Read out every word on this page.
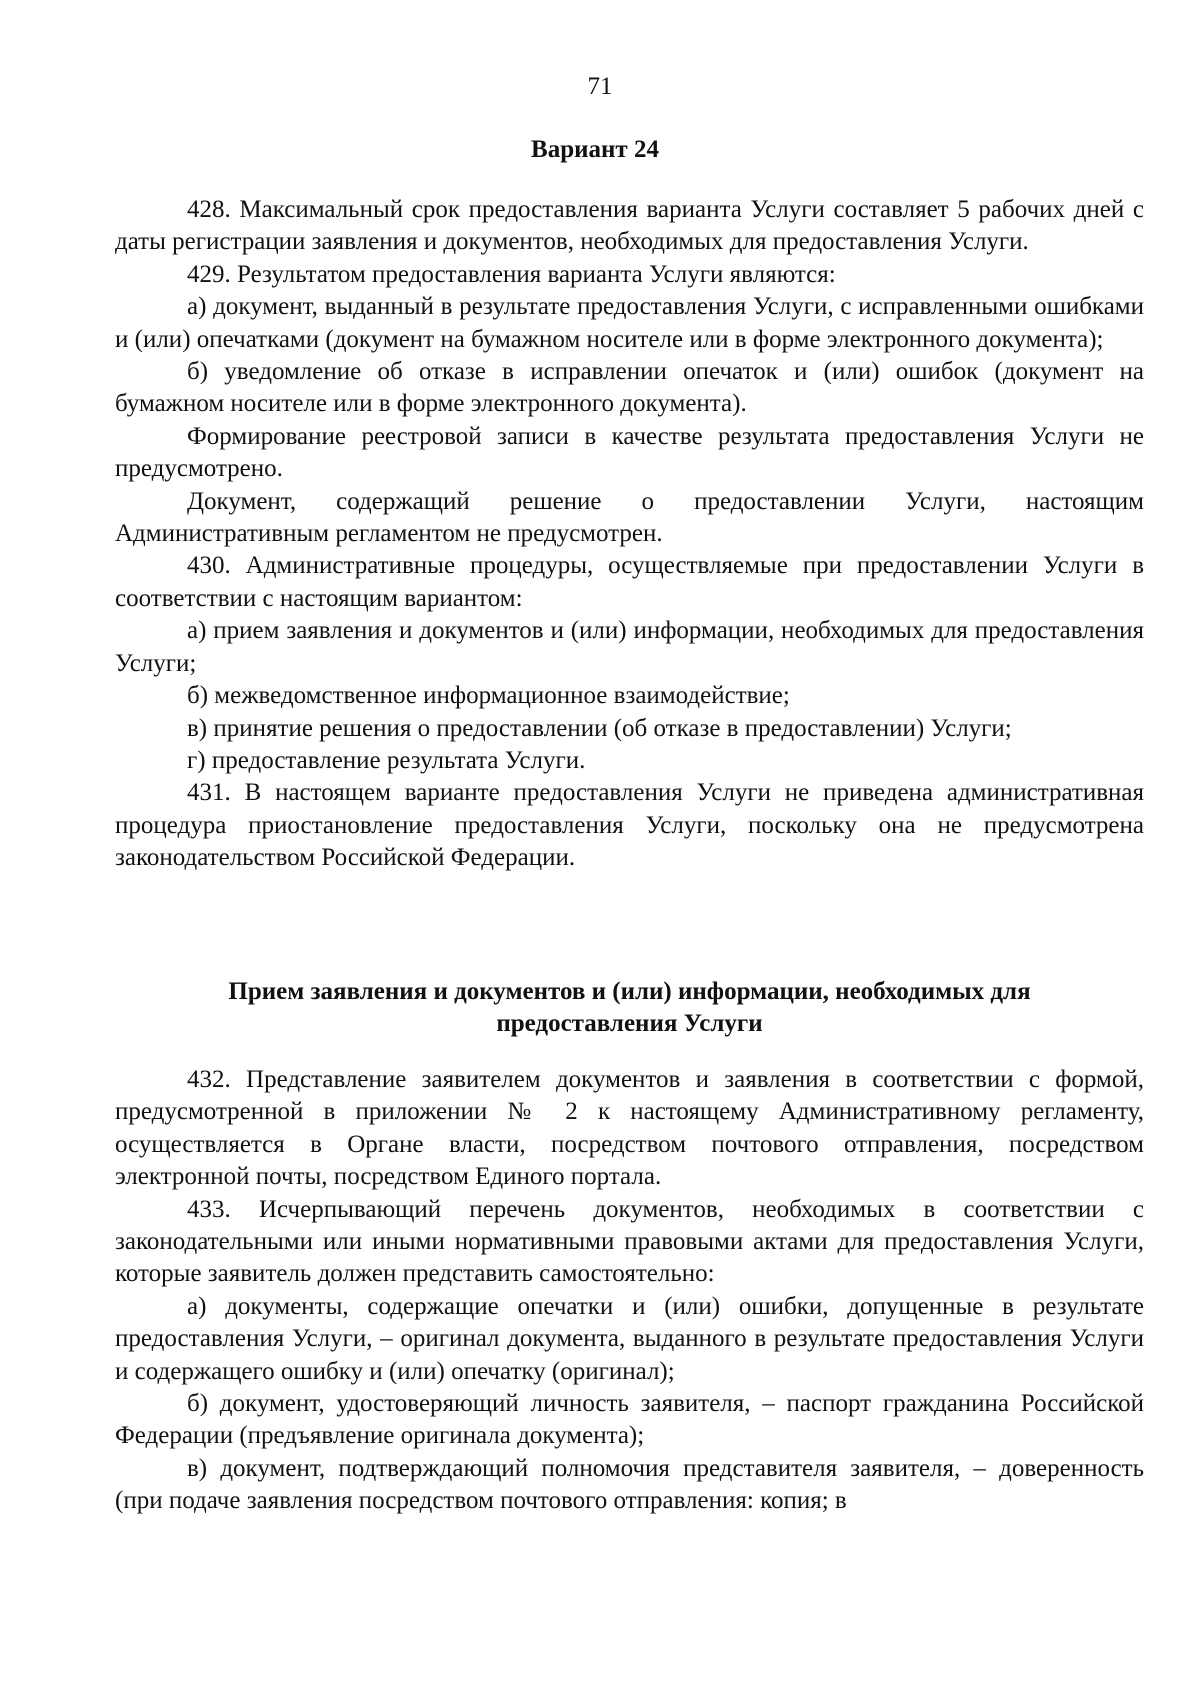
71
Вариант 24

428. Максимальный срок предоставления варианта Услуги составляет 5 рабочих дней с даты регистрации заявления и документов, необходимых для предоставления Услуги.

429. Результатом предоставления варианта Услуги являются:

а) документ, выданный в результате предоставления Услуги, с исправленными ошибками и (или) опечатками (документ на бумажном носителе или в форме электронного документа);

б) уведомление об отказе в исправлении опечаток и (или) ошибок (документ на бумажном носителе или в форме электронного документа).

Формирование реестровой записи в качестве результата предоставления Услуги не предусмотрено.

Документ, содержащий решение о предоставлении Услуги, настоящим Административным регламентом не предусмотрен.

430. Административные процедуры, осуществляемые при предоставлении Услуги в соответствии с настоящим вариантом:

а) прием заявления и документов и (или) информации, необходимых для предоставления Услуги;

б) межведомственное информационное взаимодействие;

в) принятие решения о предоставлении (об отказе в предоставлении) Услуги;

г) предоставление результата Услуги.

431. В настоящем варианте предоставления Услуги не приведена административная процедура приостановление предоставления Услуги, поскольку она не предусмотрена законодательством Российской Федерации.

Прием заявления и документов и (или) информации, необходимых для
предоставления Услуги

432. Представление заявителем документов и заявления в соответствии с формой, предусмотренной в приложении № 2 к настоящему Административному регламенту, осуществляется в Органе власти, посредством почтового отправления, посредством электронной почты, посредством Единого портала.

433. Исчерпывающий перечень документов, необходимых в соответствии с законодательными или иными нормативными правовыми актами для предоставления Услуги, которые заявитель должен представить самостоятельно:

а) документы, содержащие опечатки и (или) ошибки, допущенные в результате предоставления Услуги, – оригинал документа, выданного в результате предоставления Услуги и содержащего ошибку и (или) опечатку (оригинал);

б) документ, удостоверяющий личность заявителя, – паспорт гражданина Российской Федерации (предъявление оригинала документа);

в) документ, подтверждающий полномочия представителя заявителя, – доверенность (при подаче заявления посредством почтового отправления: копия; в
